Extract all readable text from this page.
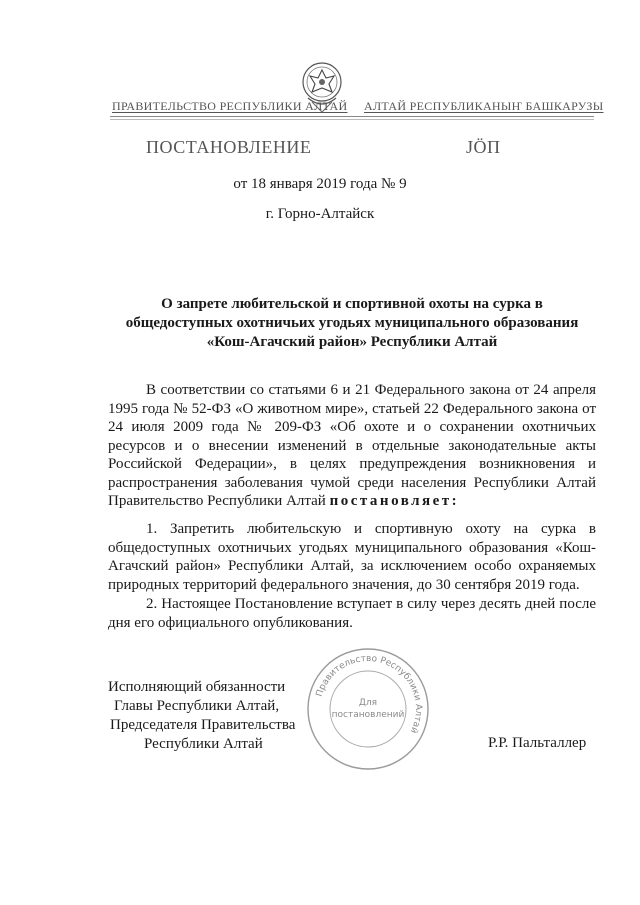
ПРАВИТЕЛЬСТВО РЕСПУБЛИКИ АЛТАЙ АЛТАЙ РЕСПУБЛИКАНЫҤ БАШКАРУЗЫ
ПОСТАНОВЛЕНИЕ	ЈӦП
от 18 января 2019 года № 9
г. Горно-Алтайск
О запрете любительской и спортивной охоты на сурка в общедоступных охотничьих угодьях муниципального образования «Кош-Агачский район» Республики Алтай
В соответствии со статьями 6 и 21 Федерального закона от 24 апреля 1995 года № 52-ФЗ «О животном мире», статьей 22 Федерального закона от 24 июля 2009 года № 209-ФЗ «Об охоте и о сохранении охотничьих ресурсов и о внесении изменений в отдельные законодательные акты Российской Федерации», в целях предупреждения возникновения и распространения заболевания чумой среди населения Республики Алтай Правительство Республики Алтай постановляет:
1. Запретить любительскую и спортивную охоту на сурка в общедоступных охотничьих угодьях муниципального образования «Кош-Агачский район» Республики Алтай, за исключением особо охраняемых природных территорий федерального значения, до 30 сентября 2019 года.
2. Настоящее Постановление вступает в силу через десять дней после дня его официального опубликования.
Правительство Республики Алтай
Для
постановлений
Исполняющий обязанности
Главы Республики Алтай,
Председателя Правительства
Республики Алтай	Р.Р. Пальталлер
